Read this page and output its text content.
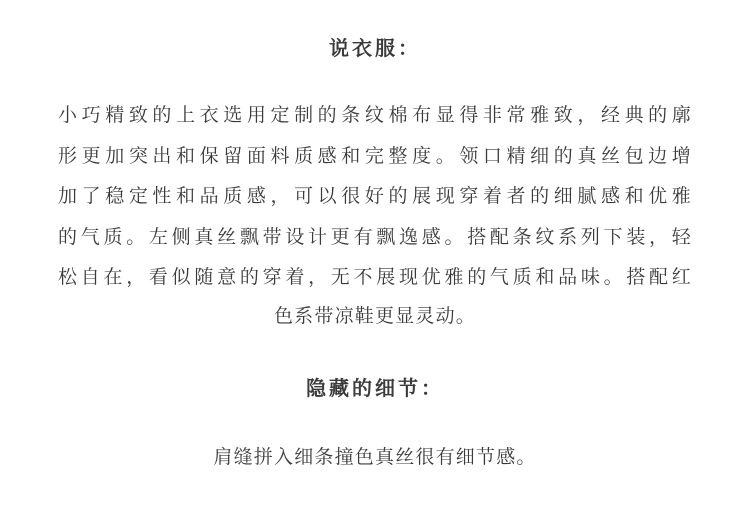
说衣服：
小巧精致的上衣选用定制的条纹棉布显得非常雅致，经典的廓
形更加突出和保留面料质感和完整度。领口精细的真丝包边增
加了稳定性和品质感，可以很好的展现穿着者的细腻感和优雅
的气质。左侧真丝飘带设计更有飘逸感。搭配条纹系列下装，轻
松自在，看似随意的穿着，无不展现优雅的气质和品味。搭配红
色系带凉鞋更显灵动。
隐藏的细节：
肩缝拼入细条撞色真丝很有细节感。
